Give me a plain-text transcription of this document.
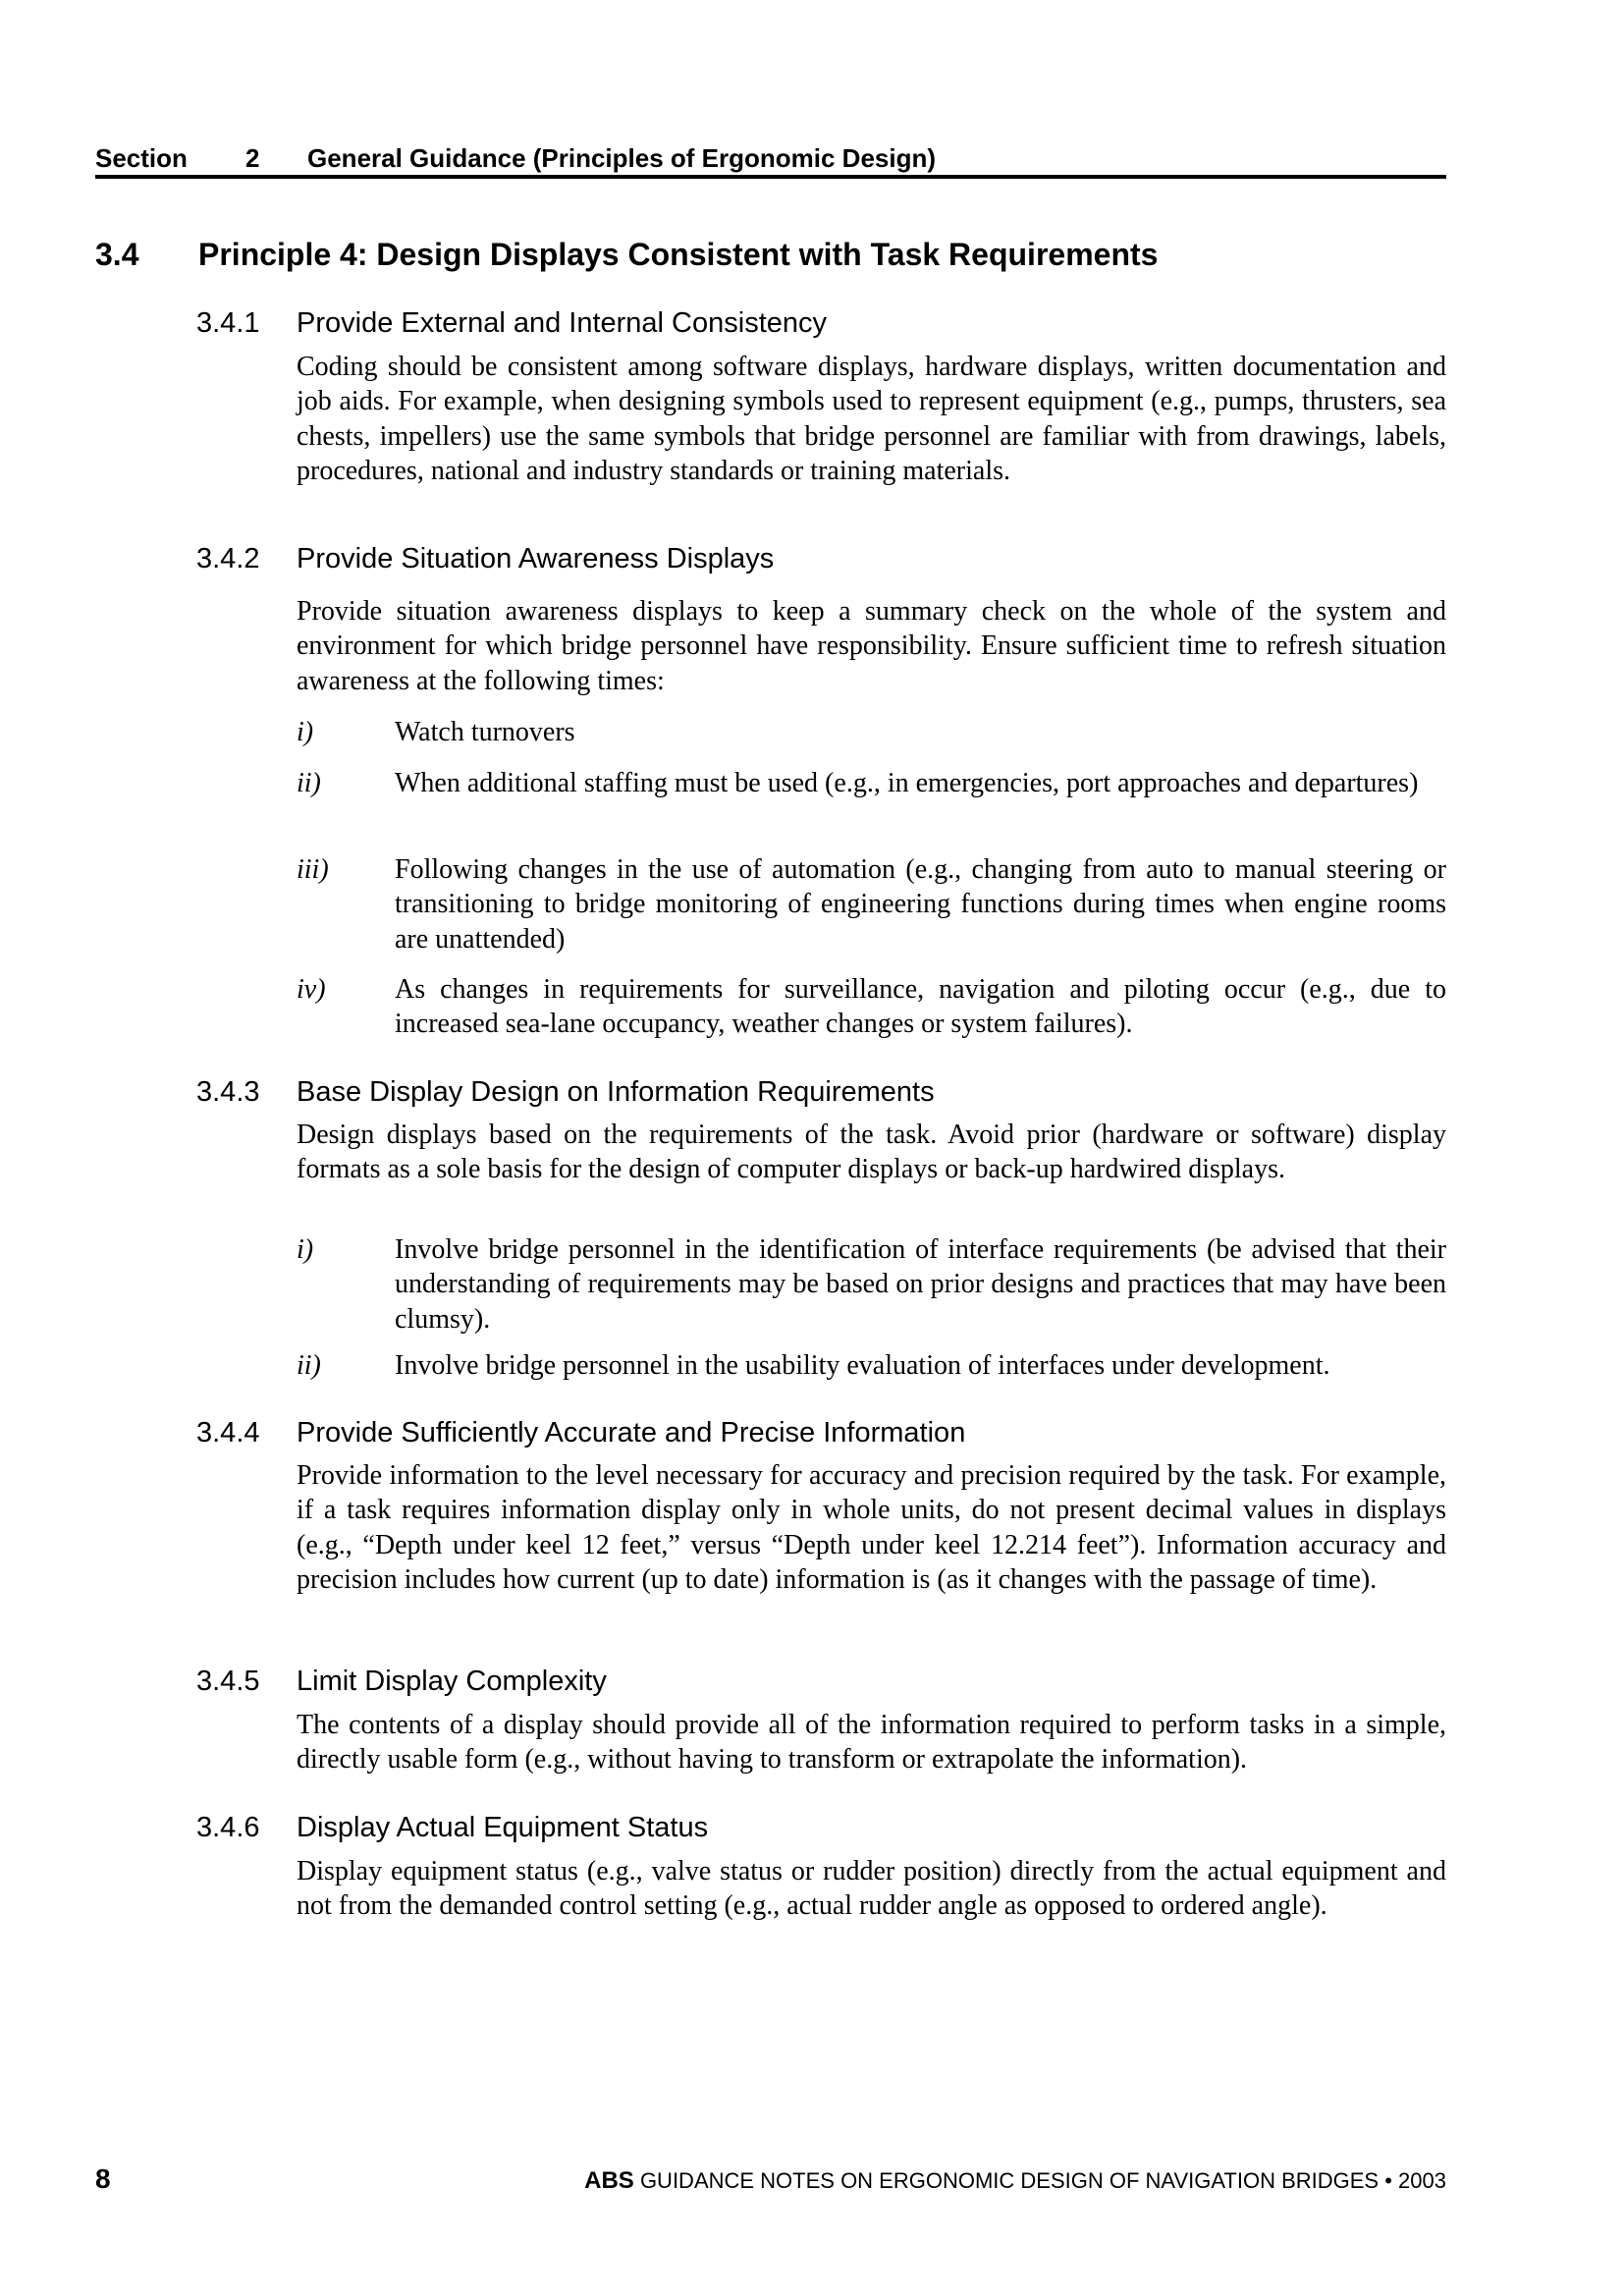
Section 2 General Guidance (Principles of Ergonomic Design)
3.4 Principle 4: Design Displays Consistent with Task Requirements
3.4.1 Provide External and Internal Consistency

Coding should be consistent among software displays, hardware displays, written documentation and job aids. For example, when designing symbols used to represent equipment (e.g., pumps, thrusters, sea chests, impellers) use the same symbols that bridge personnel are familiar with from drawings, labels, procedures, national and industry standards or training materials.

3.4.2 Provide Situation Awareness Displays

Provide situation awareness displays to keep a summary check on the whole of the system and environment for which bridge personnel have responsibility. Ensure sufficient time to refresh situation awareness at the following times:

i)	Watch turnovers
ii)	When additional staffing must be used (e.g., in emergencies, port approaches and departures)
iii) Following changes in the use of automation (e.g., changing from auto to manual steering or transitioning to bridge monitoring of engineering functions during times when engine rooms are unattended)
iv)	As changes in requirements for surveillance, navigation and piloting occur (e.g., due to increased sea-lane occupancy, weather changes or system failures).
3.4.3 Base Display Design on Information Requirements

Design displays based on the requirements of the task. Avoid prior (hardware or software) display formats as a sole basis for the design of computer displays or back-up hardwired displays.

i)	Involve bridge personnel in the identification of interface requirements (be advised that their understanding of requirements may be based on prior designs and practices that may have been clumsy).
ii)	Involve bridge personnel in the usability evaluation of interfaces under development.
3.4.4 Provide Sufficiently Accurate and Precise Information

Provide information to the level necessary for accuracy and precision required by the task. For example, if a task requires information display only in whole units, do not present decimal values in displays (e.g., “Depth under keel 12 feet,” versus “Depth under keel 12.214 feet”). Information accuracy and precision includes how current (up to date) information is (as it changes with the passage of time).

3.4.5 Limit Display Complexity

The contents of a display should provide all of the information required to perform tasks in a simple, directly usable form (e.g., without having to transform or extrapolate the information).

3.4.6 Display Actual Equipment Status

Display equipment status (e.g., valve status or rudder position) directly from the actual equipment and not from the demanded control setting (e.g., actual rudder angle as opposed to ordered angle).

8	ABS GUIDANCE NOTES ON ERGONOMIC DESIGN OF NAVIGATION BRIDGES • 2003
